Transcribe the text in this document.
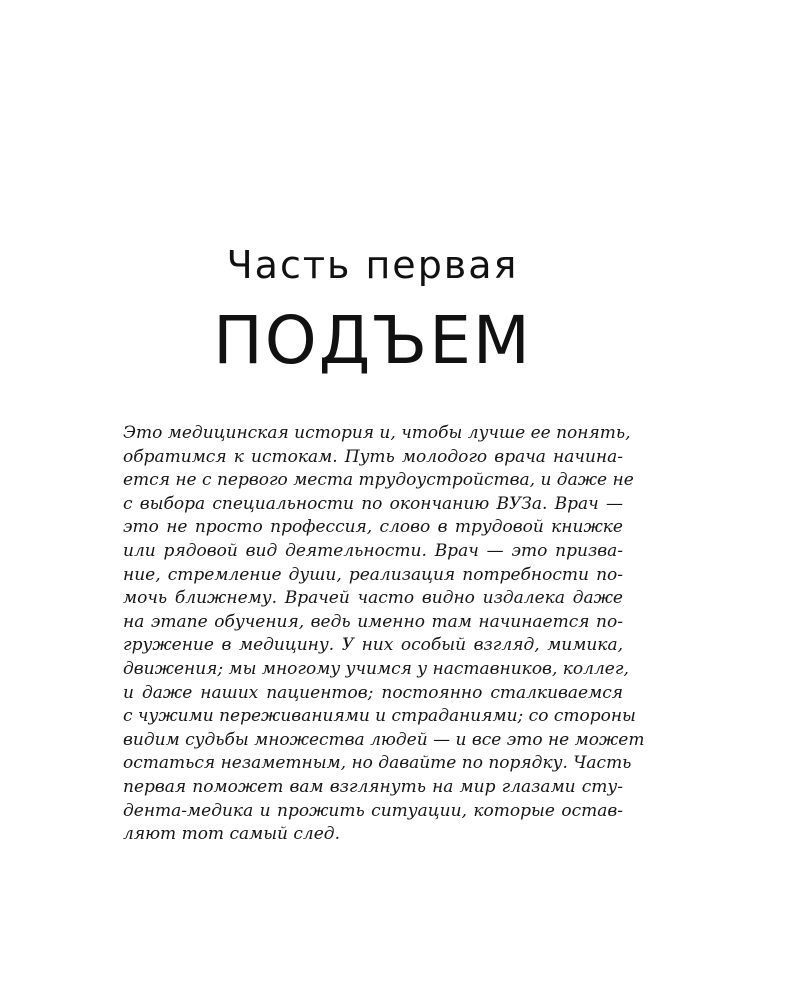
Часть первая
ПОДЪЕМ

Это медицинская история и, чтобы лучше ее понять,
обратимся к истокам. Путь молодого врача начина-
ется не с первого места трудоустройства, и даже не
с выбора специальности по окончанию ВУЗа. Врач —
это не просто профессия, слово в трудовой книжке
или рядовой вид деятельности. Врач — это призва-
ние, стремление души, реализация потребности по-
мочь ближнему. Врачей часто видно издалека даже
на этапе обучения, ведь именно там начинается по-
гружение в медицину. У них особый взгляд, мимика,
движения; мы многому учимся у наставников, коллег,
и даже наших пациентов; постоянно сталкиваемся
с чужими переживаниями и страданиями; со стороны
видим судьбы множества людей — и все это не может
остаться незаметным, но давайте по порядку. Часть
первая поможет вам взглянуть на мир глазами сту-
дента-медика и прожить ситуации, которые остав-
ляют тот самый след.
